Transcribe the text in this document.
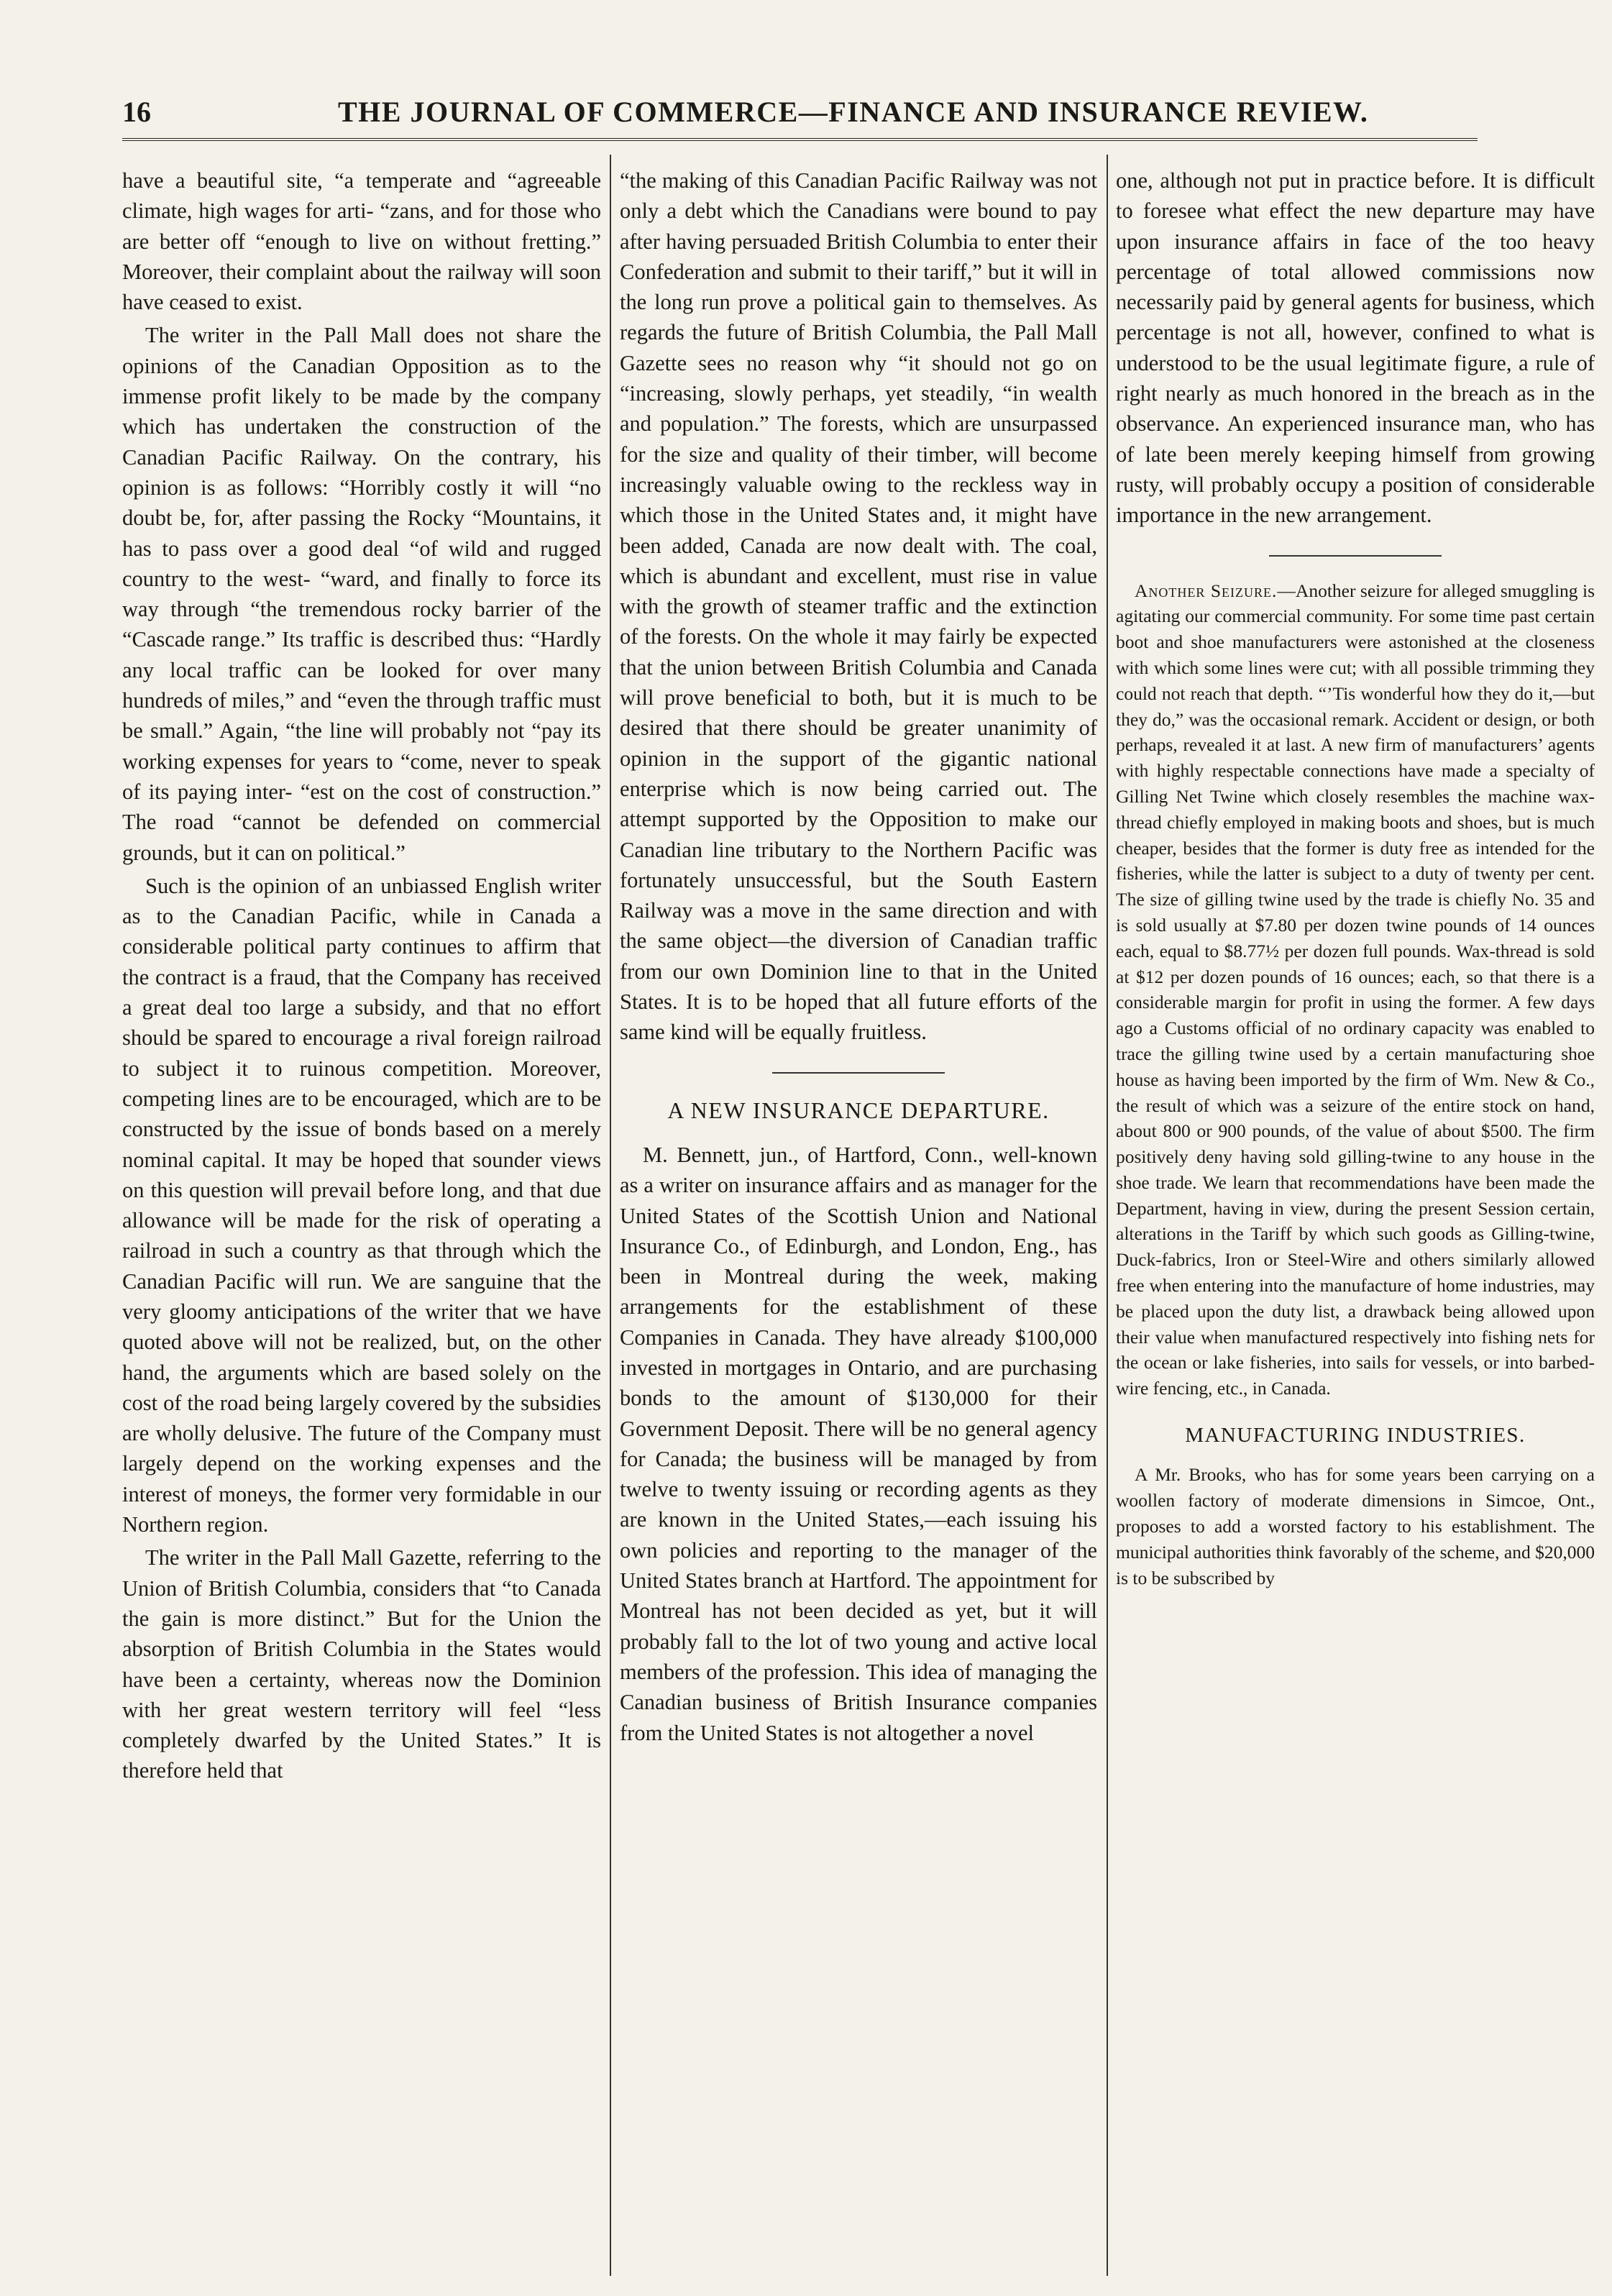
16	THE JOURNAL OF COMMERCE—FINANCE AND INSURANCE REVIEW.

have a beautiful site, “a temperate and “agreeable climate, high wages for arti- “zans, and for those who are better off “enough to live on without fretting.” Moreover, their complaint about the railway will soon have ceased to exist.

The writer in the Pall Mall does not share the opinions of the Canadian Opposition as to the immense profit likely to be made by the company which has undertaken the construction of the Canadian Pacific Railway. On the contrary, his opinion is as follows: “Horribly costly it will “no doubt be, for, after passing the Rocky “Mountains, it has to pass over a good deal “of wild and rugged country to the west- “ward, and finally to force its way through “the tremendous rocky barrier of the “Cascade range.” Its traffic is described thus: “Hardly any local traffic can be looked for over many hundreds of miles,” and “even the through traffic must be small.” Again, “the line will probably not “pay its working expenses for years to “come, never to speak of its paying inter- “est on the cost of construction.” The road “cannot be defended on commercial grounds, but it can on political.”

Such is the opinion of an unbiassed English writer as to the Canadian Pacific, while in Canada a considerable political party continues to affirm that the contract is a fraud, that the Company has received a great deal too large a subsidy, and that no effort should be spared to encourage a rival foreign railroad to subject it to ruinous competition. Moreover, competing lines are to be encouraged, which are to be constructed by the issue of bonds based on a merely nominal capital. It may be hoped that sounder views on this question will prevail before long, and that due allowance will be made for the risk of operating a railroad in such a country as that through which the Canadian Pacific will run. We are sanguine that the very gloomy anticipations of the writer that we have quoted above will not be realized, but, on the other hand, the arguments which are based solely on the cost of the road being largely covered by the subsidies are wholly delusive. The future of the Company must largely depend on the working expenses and the interest of moneys, the former very formidable in our Northern region.

The writer in the Pall Mall Gazette, referring to the Union of British Columbia, considers that “to Canada the gain is more distinct.” But for the Union the absorption of British Columbia in the States would have been a certainty, whereas now the Dominion with her great western territory will feel “less completely dwarfed by the United States.” It is therefore held that

“the making of this Canadian Pacific Railway was not only a debt which the Canadians were bound to pay after having persuaded British Columbia to enter their Confederation and submit to their tariff,” but it will in the long run prove a political gain to themselves. As regards the future of British Columbia, the Pall Mall Gazette sees no reason why “it should not go on “increasing, slowly perhaps, yet steadily, “in wealth and population.” The forests, which are unsurpassed for the size and quality of their timber, will become increasingly valuable owing to the reckless way in which those in the United States and, it might have been added, Canada are now dealt with. The coal, which is abundant and excellent, must rise in value with the growth of steamer traffic and the extinction of the forests. On the whole it may fairly be expected that the union between British Columbia and Canada will prove beneficial to both, but it is much to be desired that there should be greater unanimity of opinion in the support of the gigantic national enterprise which is now being carried out. The attempt supported by the Opposition to make our Canadian line tributary to the Northern Pacific was fortunately unsuccessful, but the South Eastern Railway was a move in the same direction and with the same object—the diversion of Canadian traffic from our own Dominion line to that in the United States. It is to be hoped that all future efforts of the same kind will be equally fruitless.

A NEW INSURANCE DEPARTURE.

M. Bennett, jun., of Hartford, Conn., well-known as a writer on insurance affairs and as manager for the United States of the Scottish Union and National Insurance Co., of Edinburgh, and London, Eng., has been in Montreal during the week, making arrangements for the establishment of these Companies in Canada. They have already $100,000 invested in mortgages in Ontario, and are purchasing bonds to the amount of $130,000 for their Government Deposit. There will be no general agency for Canada; the business will be managed by from twelve to twenty issuing or recording agents as they are known in the United States,—each issuing his own policies and reporting to the manager of the United States branch at Hartford. The appointment for Montreal has not been decided as yet, but it will probably fall to the lot of two young and active local members of the profession. This idea of managing the Canadian business of British Insurance companies from the United States is not altogether a novel

one, although not put in practice before. It is difficult to foresee what effect the new departure may have upon insurance affairs in face of the too heavy percentage of total allowed commissions now necessarily paid by general agents for business, which percentage is not all, however, confined to what is understood to be the usual legitimate figure, a rule of right nearly as much honored in the breach as in the observance. An experienced insurance man, who has of late been merely keeping himself from growing rusty, will probably occupy a position of considerable importance in the new arrangement.

Another Seizure.—Another seizure for alleged smuggling is agitating our commercial community. For some time past certain boot and shoe manufacturers were astonished at the closeness with which some lines were cut; with all possible trimming they could not reach that depth. “’Tis wonderful how they do it,—but they do,” was the occasional remark. Accident or design, or both perhaps, revealed it at last. A new firm of manufacturers’ agents with highly respectable connections have made a specialty of Gilling Net Twine which closely resembles the machine wax-thread chiefly employed in making boots and shoes, but is much cheaper, besides that the former is duty free as intended for the fisheries, while the latter is subject to a duty of twenty per cent. The size of gilling twine used by the trade is chiefly No. 35 and is sold usually at $7.80 per dozen twine pounds of 14 ounces each, equal to $8.77½ per dozen full pounds. Wax-thread is sold at $12 per dozen pounds of 16 ounces; each, so that there is a considerable margin for profit in using the former. A few days ago a Customs official of no ordinary capacity was enabled to trace the gilling twine used by a certain manufacturing shoe house as having been imported by the firm of Wm. New & Co., the result of which was a seizure of the entire stock on hand, about 800 or 900 pounds, of the value of about $500. The firm positively deny having sold gilling-twine to any house in the shoe trade. We learn that recommendations have been made the Department, having in view, during the present Session certain, alterations in the Tariff by which such goods as Gilling-twine, Duck-fabrics, Iron or Steel-Wire and others similarly allowed free when entering into the manufacture of home industries, may be placed upon the duty list, a drawback being allowed upon their value when manufactured respectively into fishing nets for the ocean or lake fisheries, into sails for vessels, or into barbed-wire fencing, etc., in Canada.

MANUFACTURING INDUSTRIES.

A Mr. Brooks, who has for some years been carrying on a woollen factory of moderate dimensions in Simcoe, Ont., proposes to add a worsted factory to his establishment. The municipal authorities think favorably of the scheme, and $20,000 is to be subscribed by
